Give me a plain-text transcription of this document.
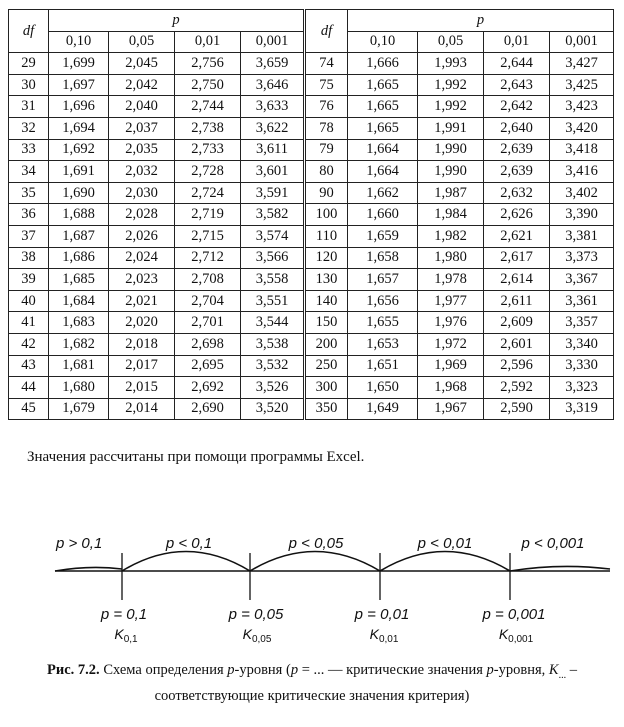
df	p				df	p			
	0,10	0,05	0,01	0,001		0,10	0,05	0,01	0,001
29	1,699	2,045	2,756	3,659	74	1,666	1,993	2,644	3,427
30	1,697	2,042	2,750	3,646	75	1,665	1,992	2,643	3,425
31	1,696	2,040	2,744	3,633	76	1,665	1,992	2,642	3,423
32	1,694	2,037	2,738	3,622	78	1,665	1,991	2,640	3,420
33	1,692	2,035	2,733	3,611	79	1,664	1,990	2,639	3,418
34	1,691	2,032	2,728	3,601	80	1,664	1,990	2,639	3,416
35	1,690	2,030	2,724	3,591	90	1,662	1,987	2,632	3,402
36	1,688	2,028	2,719	3,582	100	1,660	1,984	2,626	3,390
37	1,687	2,026	2,715	3,574	110	1,659	1,982	2,621	3,381
38	1,686	2,024	2,712	3,566	120	1,658	1,980	2,617	3,373
39	1,685	2,023	2,708	3,558	130	1,657	1,978	2,614	3,367
40	1,684	2,021	2,704	3,551	140	1,656	1,977	2,611	3,361
41	1,683	2,020	2,701	3,544	150	1,655	1,976	2,609	3,357
42	1,682	2,018	2,698	3,538	200	1,653	1,972	2,601	3,340
43	1,681	2,017	2,695	3,532	250	1,651	1,969	2,596	3,330
44	1,680	2,015	2,692	3,526	300	1,650	1,968	2,592	3,323
45	1,679	2,014	2,690	3,520	350	1,649	1,967	2,590	3,319
Значения рассчитаны при помощи программы Excel.
p > 0,1	p < 0,1	p < 0,05	p < 0,01	p < 0,001
p = 0,1	p = 0,05	p = 0,01	p = 0,001
$K_{0,1}$	$K_{0,05}$	$K_{0,01}$	$K_{0,001}$
Рис. 7.2. Схема определения p-уровня (p = ... — критические значения p-уровня, $K_{...}$ –
соответствующие критические значения критерия)
